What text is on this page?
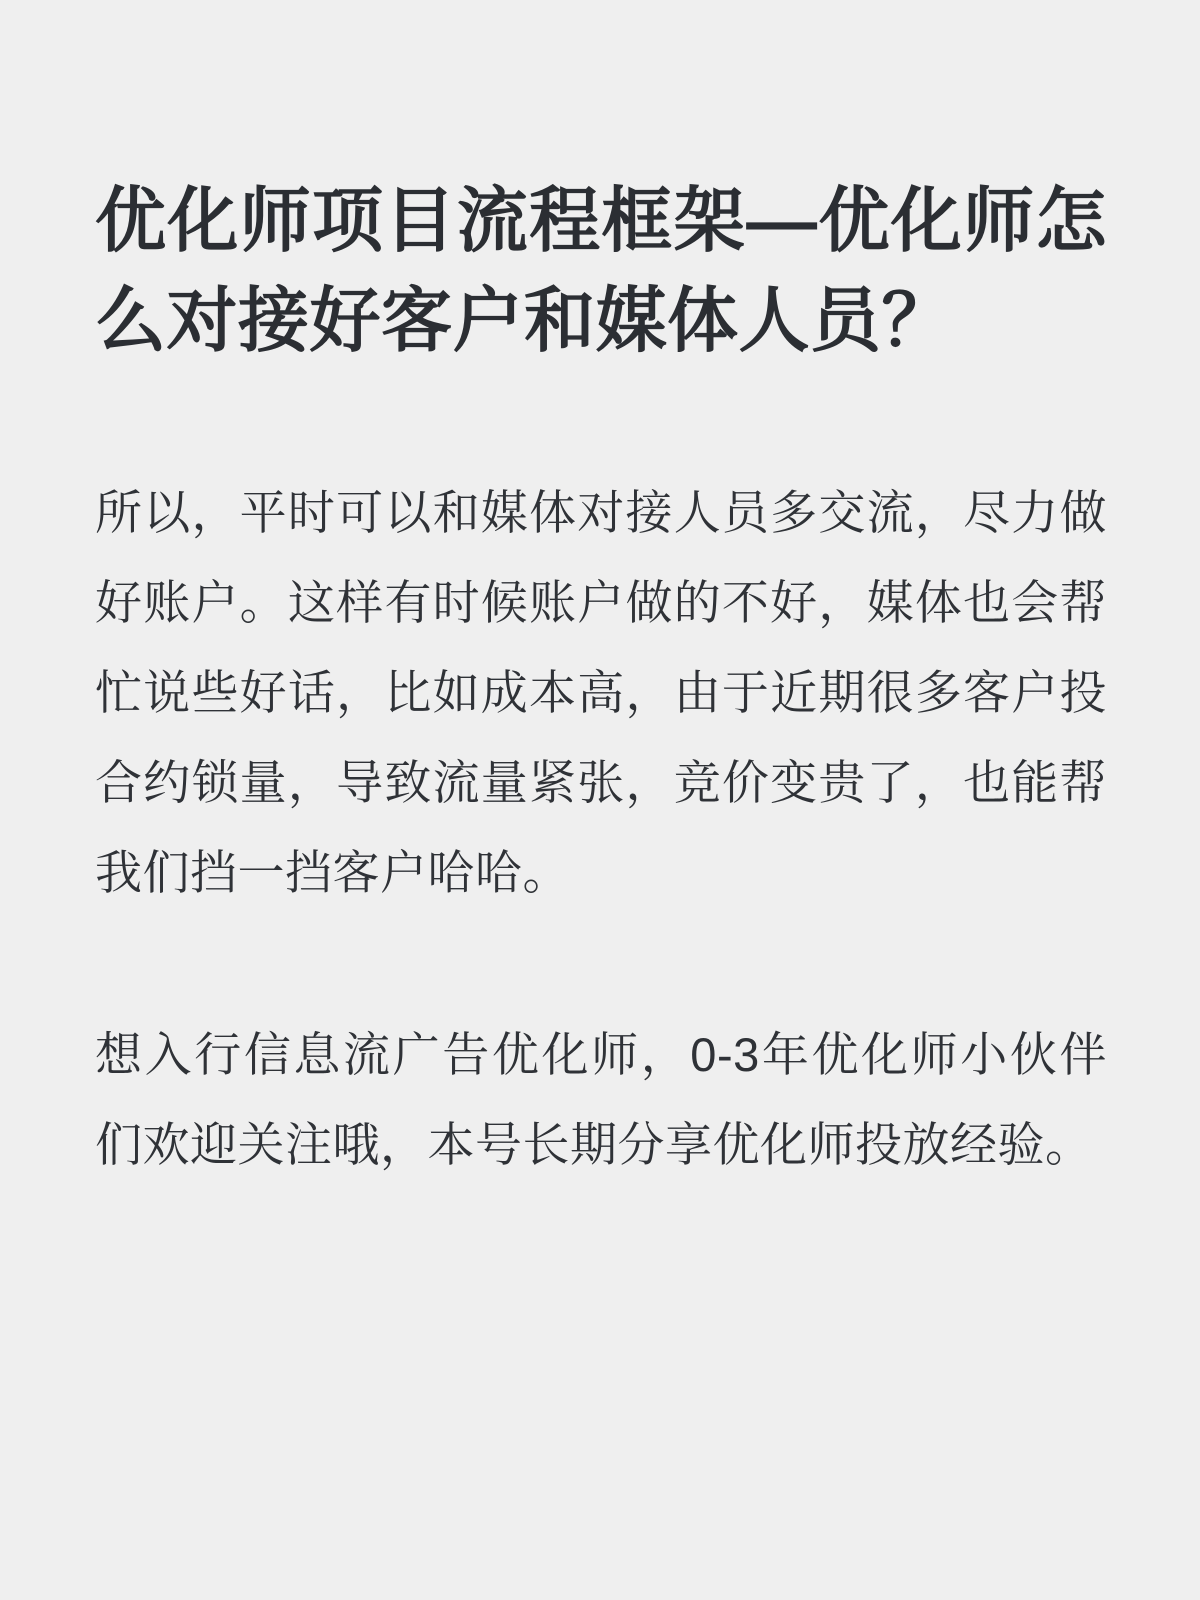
优化师项目流程框架—优化师怎么对接好客户和媒体人员？

所以，平时可以和媒体对接人员多交流，尽力做好账户。这样有时候账户做的不好，媒体也会帮忙说些好话，比如成本高，由于近期很多客户投合约锁量，导致流量紧张，竞价变贵了，也能帮我们挡一挡客户哈哈。

想入行信息流广告优化师，0-3年优化师小伙伴们欢迎关注哦，本号长期分享优化师投放经验。
